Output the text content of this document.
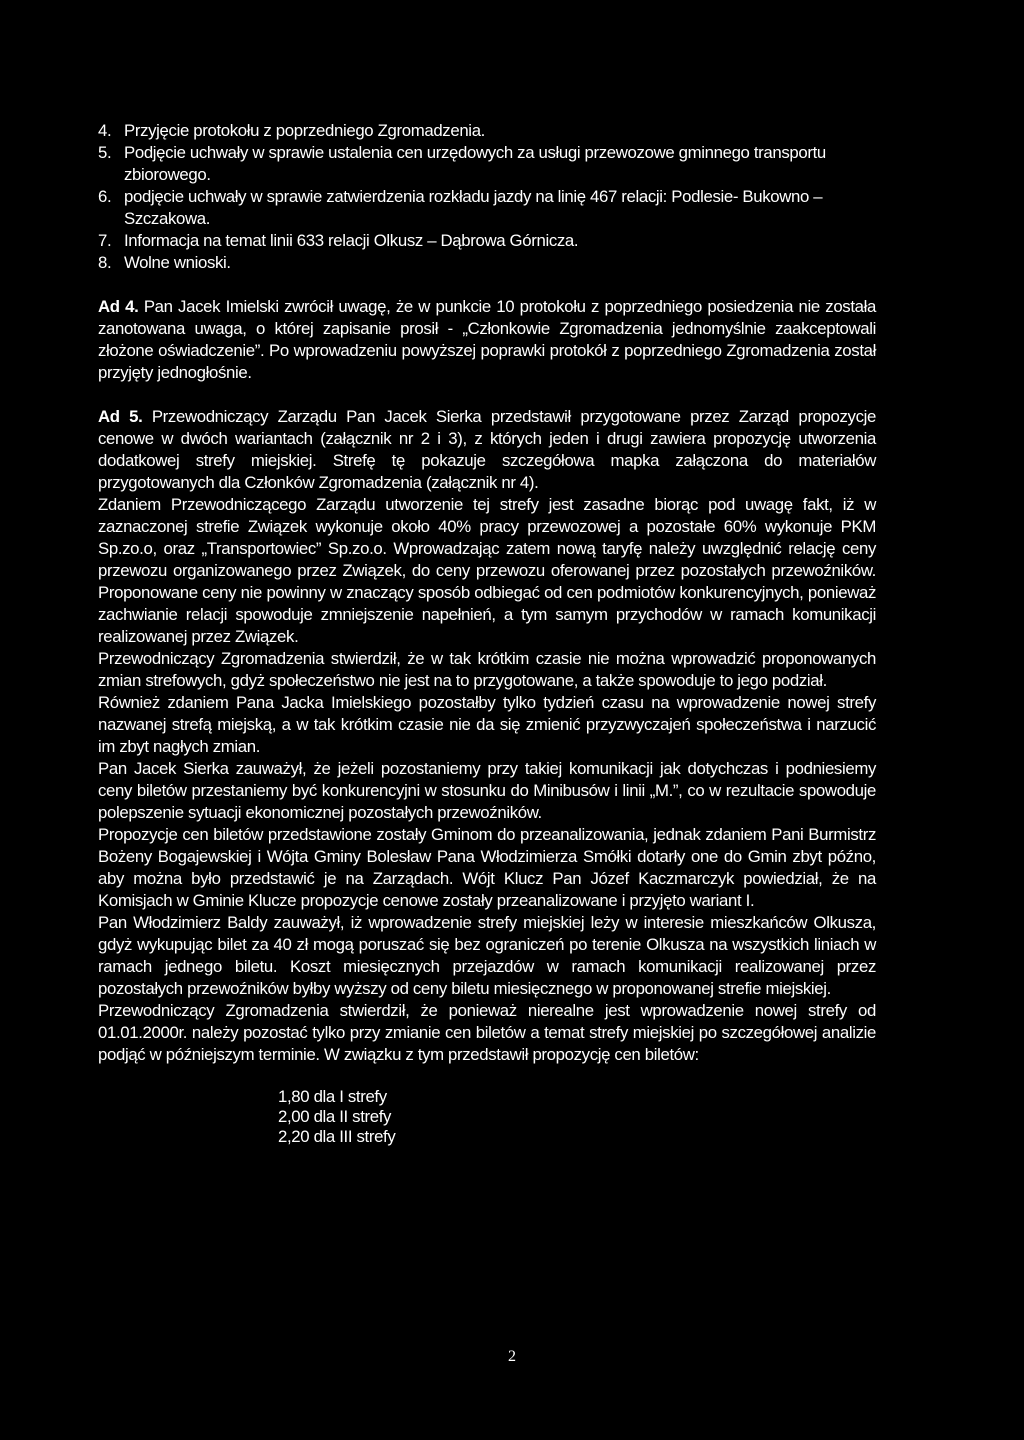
4. Przyjęcie protokołu z poprzedniego Zgromadzenia.
5. Podjęcie uchwały w sprawie ustalenia cen urzędowych za usługi przewozowe gminnego transportu zbiorowego.
6. podjęcie uchwały w sprawie zatwierdzenia rozkładu jazdy na linię 467 relacji: Podlesie- Bukowno – Szczakowa.
7. Informacja na temat linii 633 relacji Olkusz – Dąbrowa Górnicza.
8. Wolne wnioski.
Ad 4. Pan Jacek Imielski zwrócił uwagę, że w punkcie 10 protokołu z poprzedniego posiedzenia nie została zanotowana uwaga, o której zapisanie prosił - „Członkowie Zgromadzenia jednomyślnie zaakceptowali złożone oświadczenie”. Po wprowadzeniu powyższej poprawki protokół z poprzedniego Zgromadzenia został przyjęty jednogłośnie.
Ad 5. Przewodniczący Zarządu Pan Jacek Sierka przedstawił przygotowane przez Zarząd propozycje cenowe w dwóch wariantach (załącznik nr 2 i 3), z których jeden i drugi zawiera propozycję utworzenia dodatkowej strefy miejskiej. Strefę tę pokazuje szczegółowa mapka załączona do materiałów przygotowanych dla Członków Zgromadzenia (załącznik nr 4).

Zdaniem Przewodniczącego Zarządu utworzenie tej strefy jest zasadne biorąc pod uwagę fakt, iż w zaznaczonej strefie Związek wykonuje około 40% pracy przewozowej a pozostałe 60% wykonuje PKM Sp.zo.o, oraz „Transportowiec” Sp.zo.o. Wprowadzając zatem nową taryfę należy uwzględnić relację ceny przewozu organizowanego przez Związek, do ceny przewozu oferowanej przez pozostałych przewoźników. Proponowane ceny nie powinny w znaczący sposób odbiegać od cen podmiotów konkurencyjnych, ponieważ zachwianie relacji spowoduje zmniejszenie napełnień, a tym samym przychodów w ramach komunikacji realizowanej przez Związek.

Przewodniczący Zgromadzenia stwierdził, że w tak krótkim czasie nie można wprowadzić proponowanych zmian strefowych, gdyż społeczeństwo nie jest na to przygotowane, a także spowoduje to jego podział.

Również zdaniem Pana Jacka Imielskiego pozostałby tylko tydzień czasu na wprowadzenie nowej strefy nazwanej strefą miejską, a w tak krótkim czasie nie da się zmienić przyzwyczajeń społeczeństwa i narzucić im zbyt nagłych zmian.

Pan Jacek Sierka zauważył, że jeżeli pozostaniemy przy takiej komunikacji jak dotychczas i podniesiemy ceny biletów przestaniemy być konkurencyjni w stosunku do Minibusów i linii „M.”, co w rezultacie spowoduje polepszenie sytuacji ekonomicznej pozostałych przewoźników.

Propozycje cen biletów przedstawione zostały Gminom do przeanalizowania, jednak zdaniem Pani Burmistrz Bożeny Bogajewskiej i Wójta Gminy Bolesław Pana Włodzimierza Smółki dotarły one do Gmin zbyt późno, aby można było przedstawić je na Zarządach. Wójt Klucz Pan Józef Kaczmarczyk powiedział, że na Komisjach w Gminie Klucze propozycje cenowe zostały przeanalizowane i przyjęto wariant I.

Pan Włodzimierz Baldy zauważył, iż wprowadzenie strefy miejskiej leży w interesie mieszkańców Olkusza, gdyż wykupując bilet za 40 zł mogą poruszać się bez ograniczeń po terenie Olkusza na wszystkich liniach w ramach jednego biletu. Koszt miesięcznych przejazdów w ramach komunikacji realizowanej przez pozostałych przewoźników byłby wyższy od ceny biletu miesięcznego w proponowanej strefie miejskiej.

Przewodniczący Zgromadzenia stwierdził, że ponieważ nierealne jest wprowadzenie nowej strefy od 01.01.2000r. należy pozostać tylko przy zmianie cen biletów a temat strefy miejskiej po szczegółowej analizie podjąć w późniejszym terminie. W związku z tym przedstawił propozycję cen biletów:

1,80 dla I strefy
2,00 dla II strefy
2,20 dla III strefy
2
